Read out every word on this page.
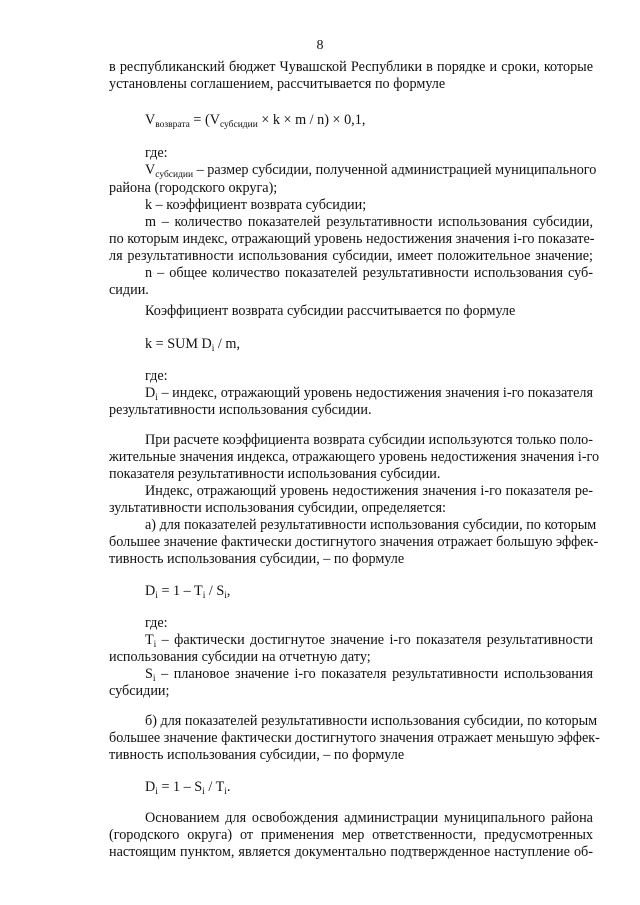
8
в республиканский бюджет Чувашской Республики в порядке и сроки, которые
установлены соглашением, рассчитывается по формуле
$V_{возврата} = (V_{субсидии} \times k \times m / n) \times 0,1$,
где:
$V_{субсидии}$ – размер субсидии, полученной администрацией муниципального
района (городского округа);
k – коэффициент возврата субсидии;
m – количество показателей результативности использования субсидии,
по которым индекс, отражающий уровень недостижения значения i-го показате-
ля результативности использования субсидии, имеет положительное значение;
n – общее количество показателей результативности использования суб-
сидии.
Коэффициент возврата субсидии рассчитывается по формуле
k = SUM $D_i$ / m,
где:
$D_i$ – индекс, отражающий уровень недостижения значения i-го показателя
результативности использования субсидии.
При расчете коэффициента возврата субсидии используются только поло-
жительные значения индекса, отражающего уровень недостижения значения i-го
показателя результативности использования субсидии.
Индекс, отражающий уровень недостижения значения i-го показателя ре-
зультативности использования субсидии, определяется:
а) для показателей результативности использования субсидии, по которым
большее значение фактически достигнутого значения отражает большую эффек-
тивность использования субсидии, – по формуле
$D_i = 1 - T_i / S_i$,
где:
$T_i$ – фактически достигнутое значение i-го показателя результативности
использования субсидии на отчетную дату;
$S_i$ – плановое значение i-го показателя результативности использования
субсидии;
б) для показателей результативности использования субсидии, по которым
большее значение фактически достигнутого значения отражает меньшую эффек-
тивность использования субсидии, – по формуле
$D_i = 1 - S_i / T_i$.
Основанием для освобождения администрации муниципального района
(городского округа) от применения мер ответственности, предусмотренных
настоящим пунктом, является документально подтвержденное наступление об-
